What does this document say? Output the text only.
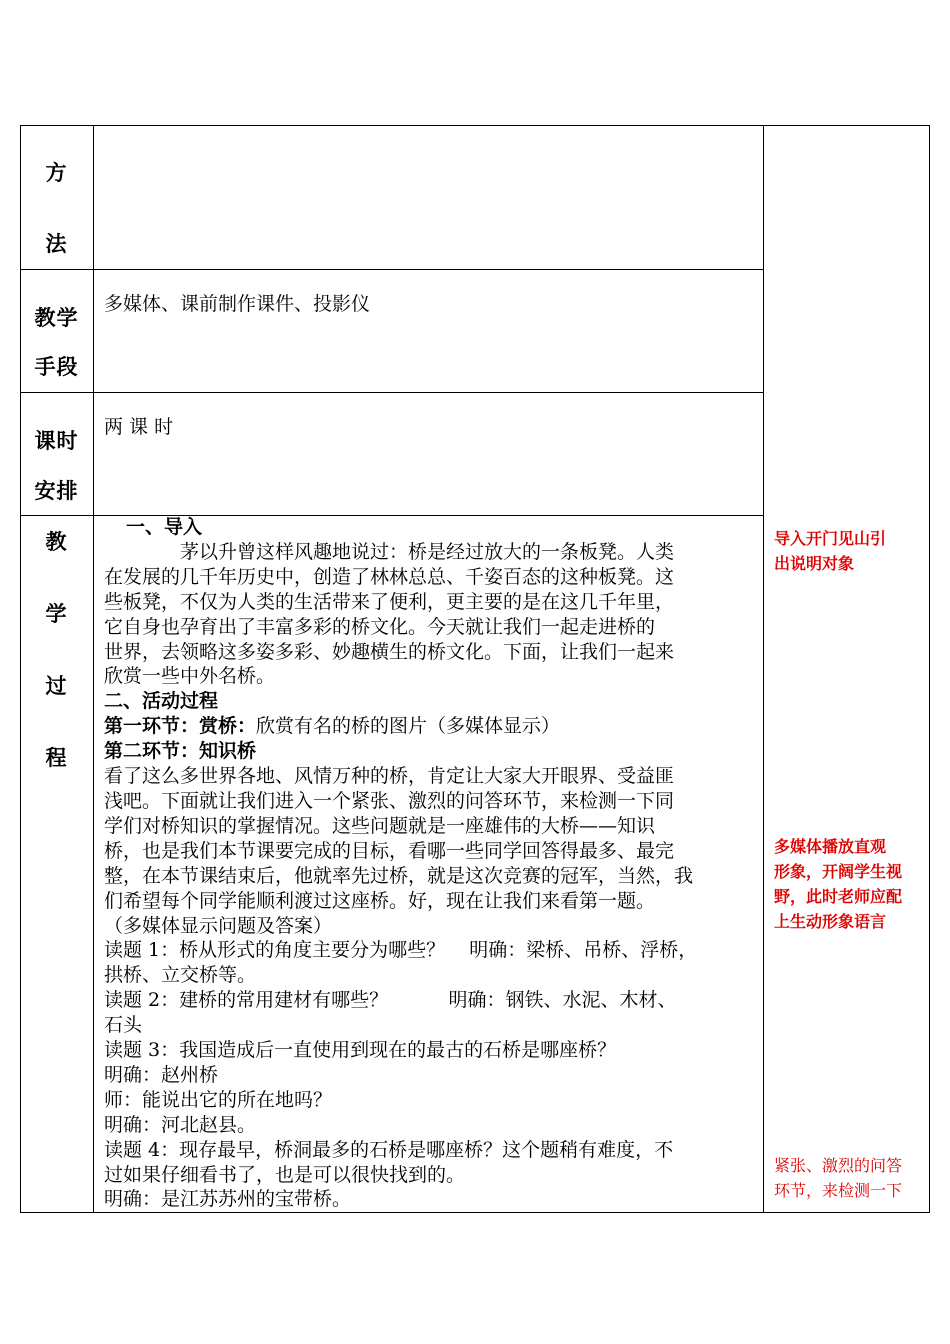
方
法
教学
手段
课时
安排
教
学
过
程
多媒体、课前制作课件、投影仪
两 课 时

一、导入

茅以升曾这样风趣地说过：桥是经过放大的一条板凳。人类

在发展的几千年历史中，创造了林林总总、千姿百态的这种板凳。这

些板凳，不仅为人类的生活带来了便利，更主要的是在这几千年里，

它自身也孕育出了丰富多彩的桥文化。今天就让我们一起走进桥的

世界，去领略这多姿多彩、妙趣横生的桥文化。下面，让我们一起来

欣赏一些中外名桥。

二、活动过程

第一环节：赏桥：欣赏有名的桥的图片（多媒体显示）

第二环节：知识桥

看了这么多世界各地、风情万种的桥，肯定让大家大开眼界、受益匪

浅吧。下面就让我们进入一个紧张、激烈的问答环节，来检测一下同

学们对桥知识的掌握情况。这些问题就是一座雄伟的大桥——知识

桥，也是我们本节课要完成的目标，看哪一些同学回答得最多、最完

整，在本节课结束后，他就率先过桥，就是这次竞赛的冠军，当然，我

们希望每个同学能顺利渡过这座桥。好，现在让我们来看第一题。

（多媒体显示问题及答案）

读题 1：桥从形式的角度主要分为哪些？    明确：梁桥、吊桥、浮桥，

拱桥、立交桥等。

读题 2：建桥的常用建材有哪些？          明确：钢铁、水泥、木材、

石头

读题 3：我国造成后一直使用到现在的最古的石桥是哪座桥？

明确：赵州桥

师：能说出它的所在地吗？

明确：河北赵县。

读题 4：现存最早，桥洞最多的石桥是哪座桥？这个题稍有难度，不

过如果仔细看书了，也是可以很快找到的。

明确：是江苏苏州的宝带桥。

导入开门见山引

出说明对象

多媒体播放直观

形象，开阔学生视

野，此时老师应配

上生动形象语言

紧张、激烈的问答

环节，来检测一下
